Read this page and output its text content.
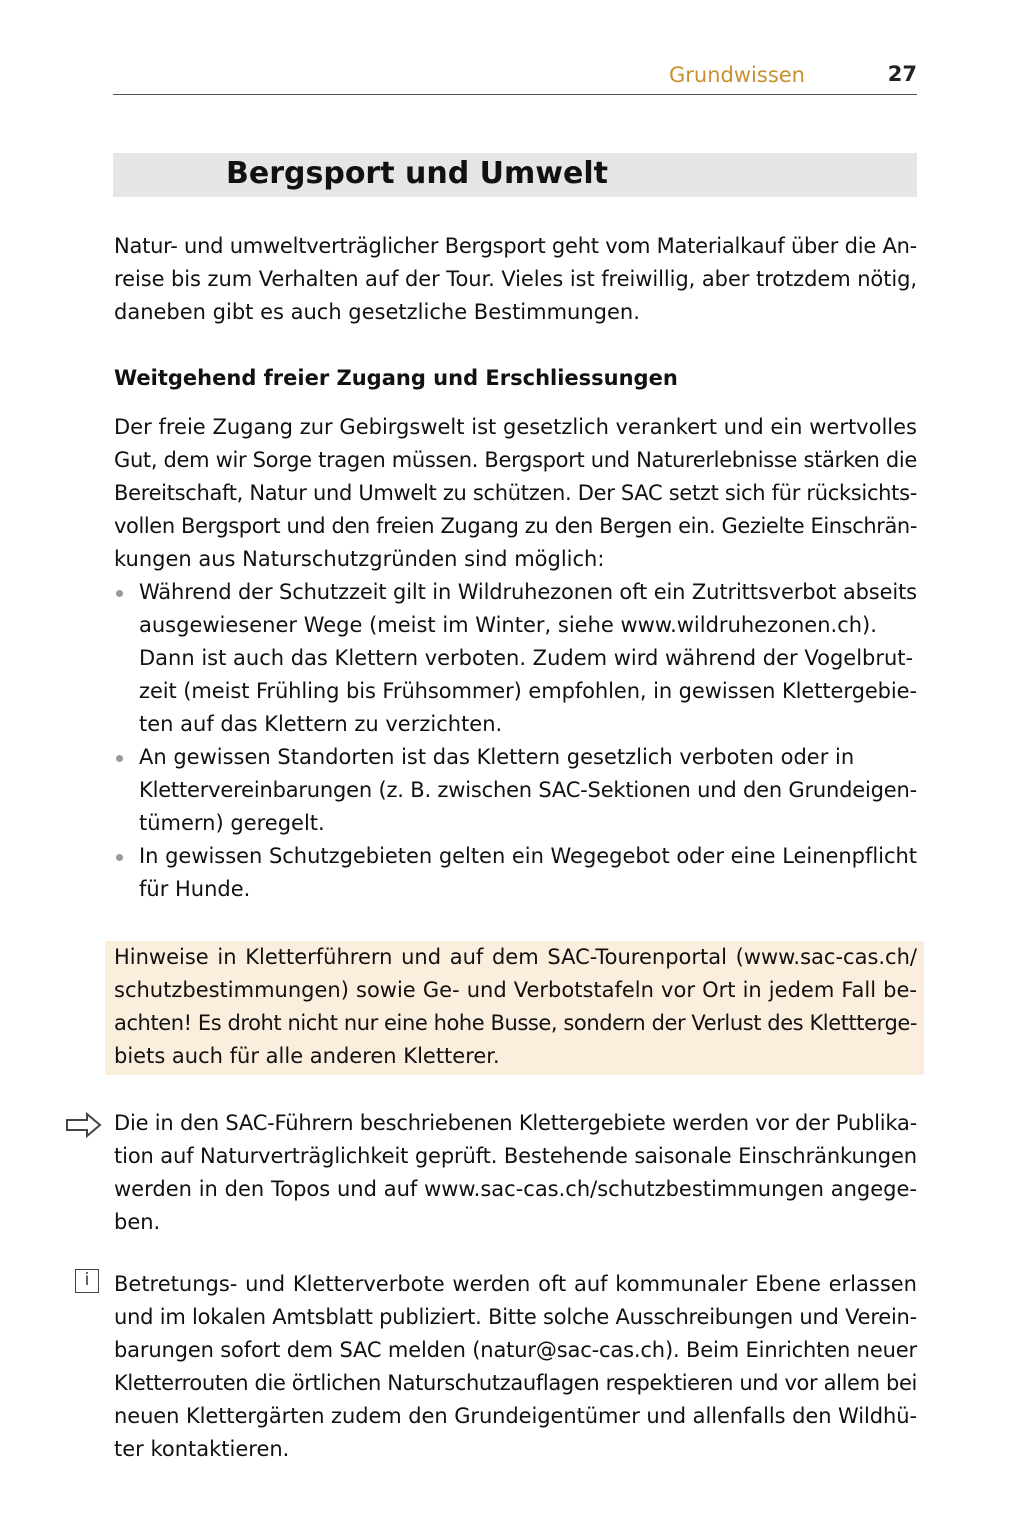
Grundwissen	27
Bergsport und Umwelt

Natur- und umweltverträglicher Bergsport geht vom Materialkauf über die An-
reise bis zum Verhalten auf der Tour. Vieles ist freiwillig, aber trotzdem nötig,
daneben gibt es auch gesetzliche Bestimmungen.

Weitgehend freier Zugang und Erschliessungen

Der freie Zugang zur Gebirgswelt ist gesetzlich verankert und ein wertvolles
Gut, dem wir Sorge tragen müssen. Bergsport und Naturerlebnisse stärken die
Bereitschaft, Natur und Umwelt zu schützen. Der SAC setzt sich für rücksichts-
vollen Bergsport und den freien Zugang zu den Bergen ein. Gezielte Einschrän-
kungen aus Naturschutzgründen sind möglich:

Während der Schutzzeit gilt in Wildruhezonen oft ein Zutrittsverbot abseits
ausgewiesener Wege (meist im Winter, siehe www.wildruhezonen.ch).
Dann ist auch das Klettern verboten. Zudem wird während der Vogelbrut-
zeit (meist Frühling bis Frühsommer) empfohlen, in gewissen Klettergebie-
ten auf das Klettern zu verzichten.
An gewissen Standorten ist das Klettern gesetzlich verboten oder in
Klettervereinbarungen (z. B. zwischen SAC-Sektionen und den Grundeigen-
tümern) geregelt.
In gewissen Schutzgebieten gelten ein Wegegebot oder eine Leinenpflicht
für Hunde.

Hinweise in Kletterführern und auf dem SAC-Tourenportal (www.sac-cas.ch/
schutzbestimmungen) sowie Ge- und Verbotstafeln vor Ort in jedem Fall be-
achten! Es droht nicht nur eine hohe Busse, sondern der Verlust des Klettterge-
biets auch für alle anderen Kletterer.

Die in den SAC-Führern beschriebenen Klettergebiete werden vor der Publika-
tion auf Naturverträglichkeit geprüft. Bestehende saisonale Einschränkungen
werden in den Topos und auf www.sac-cas.ch/schutzbestimmungen angege-
ben.

i	Betretungs- und Kletterverbote werden oft auf kommunaler Ebene erlassen
und im lokalen Amtsblatt publiziert. Bitte solche Ausschreibungen und Verein-
barungen sofort dem SAC melden (natur@sac-cas.ch). Beim Einrichten neuer
Kletterrouten die örtlichen Naturschutzauflagen respektieren und vor allem bei
neuen Klettergärten zudem den Grundeigentümer und allenfalls den Wildhü-
ter kontaktieren.
